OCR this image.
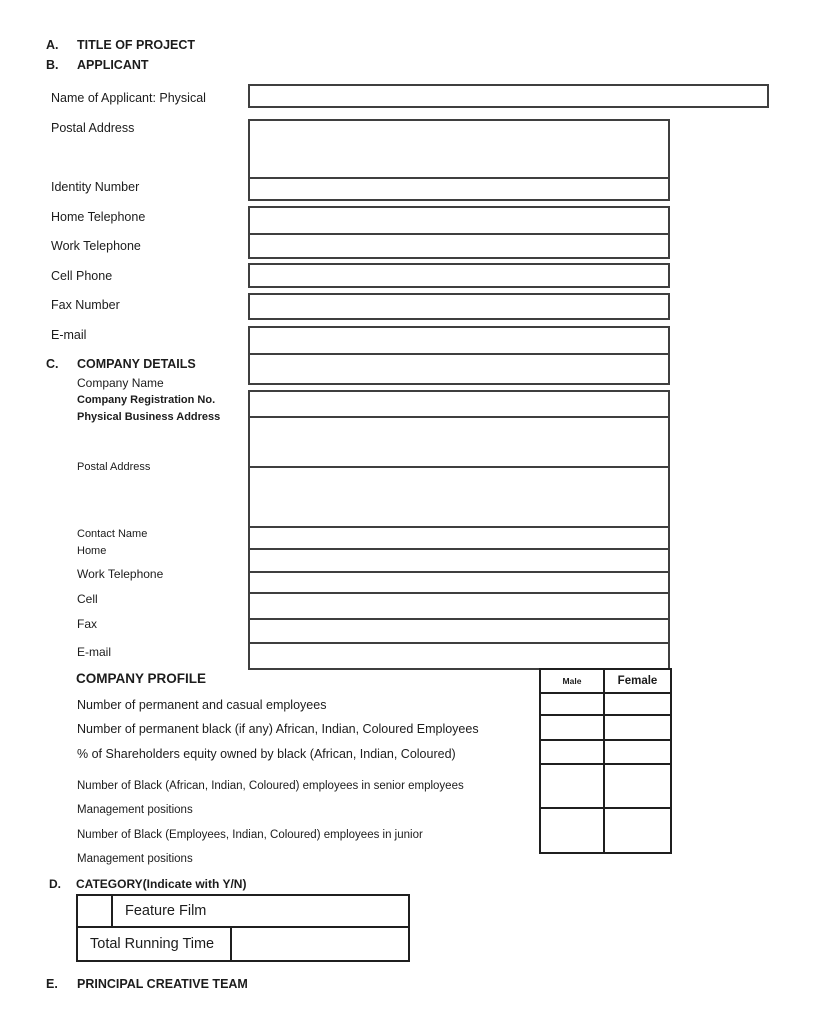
A. TITLE OF PROJECT
B. APPLICANT
Name of Applicant: Physical
Postal Address
Identity Number
Home Telephone
Work Telephone
Cell Phone
Fax Number
E-mail
C. COMPANY DETAILS
Company Name
Company Registration No.
Physical Business Address
Postal Address
Contact Name
Home
Work Telephone
Cell
Fax
E-mail
COMPANY PROFILE
Number of permanent and casual employees
Number of permanent black (if any) African, Indian, Coloured Employees
% of Shareholders equity owned by black (African, Indian, Coloured)
Number of Black (African, Indian, Coloured) employees in senior employees
Management positions
Number of Black (Employees, Indian, Coloured) employees in junior
Management positions
Male	Female
D. CATEGORY(Indicate with Y/N)
Feature Film
Total Running Time
E. PRINCIPAL CREATIVE TEAM
